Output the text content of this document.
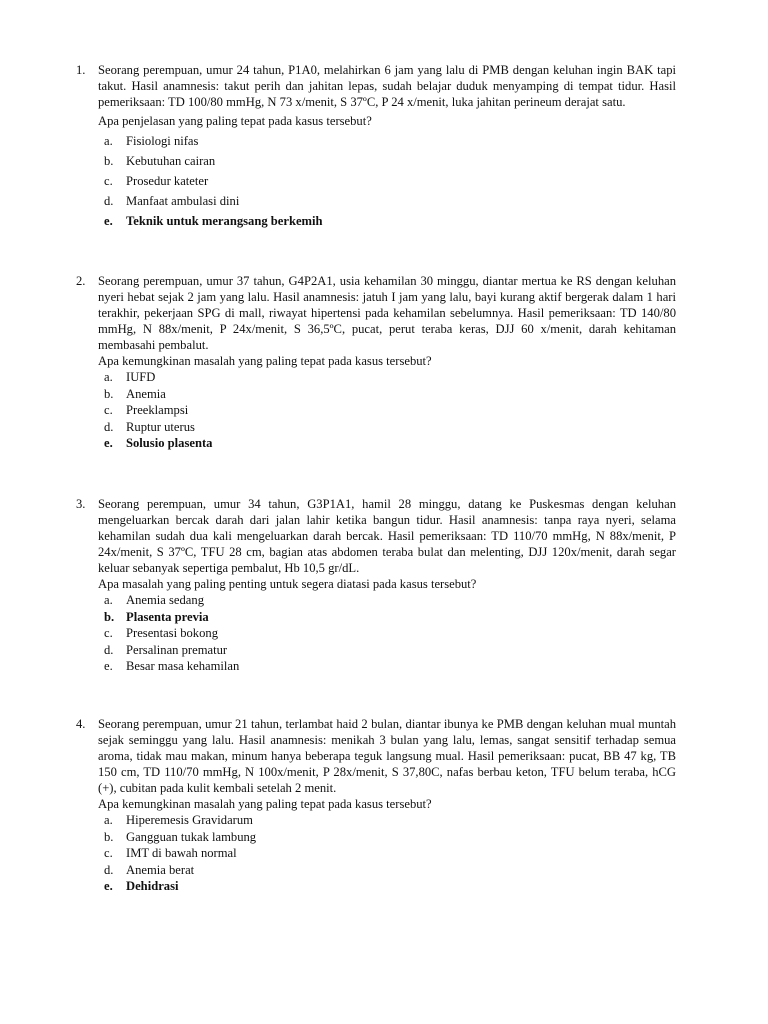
1. Seorang perempuan, umur 24 tahun, P1A0, melahirkan 6 jam yang lalu di PMB dengan keluhan ingin BAK tapi takut. Hasil anamnesis: takut perih dan jahitan lepas, sudah belajar duduk menyamping di tempat tidur. Hasil pemeriksaan: TD 100/80 mmHg, N 73 x/menit, S 37ºC, P 24 x/menit, luka jahitan perineum derajat satu.
Apa penjelasan yang paling tepat pada kasus tersebut?
a. Fisiologi nifas
b. Kebutuhan cairan
c. Prosedur kateter
d. Manfaat ambulasi dini
e. Teknik untuk merangsang berkemih
2. Seorang perempuan, umur 37 tahun, G4P2A1, usia kehamilan 30 minggu, diantar mertua ke RS dengan keluhan nyeri hebat sejak 2 jam yang lalu. Hasil anamnesis: jatuh I jam yang lalu, bayi kurang aktif bergerak dalam 1 hari terakhir, pekerjaan SPG di mall, riwayat hipertensi pada kehamilan sebelumnya. Hasil pemeriksaan: TD 140/80 mmHg, N 88x/menit, P 24x/menit, S 36,5ºC, pucat, perut teraba keras, DJJ 60 x/menit, darah kehitaman membasahi pembalut.
Apa kemungkinan masalah yang paling tepat pada kasus tersebut?
a. IUFD
b. Anemia
c. Preeklampsi
d. Ruptur uterus
e. Solusio plasenta
3. Seorang perempuan, umur 34 tahun, G3P1A1, hamil 28 minggu, datang ke Puskesmas dengan keluhan mengeluarkan bercak darah dari jalan lahir ketika bangun tidur. Hasil anamnesis: tanpa raya nyeri, selama kehamilan sudah dua kali mengeluarkan darah bercak. Hasil pemeriksaan: TD 110/70 mmHg, N 88x/menit, P 24x/menit, S 37ºC, TFU 28 cm, bagian atas abdomen teraba bulat dan melenting, DJJ 120x/menit, darah segar keluar sebanyak sepertiga pembalut, Hb 10,5 gr/dL.
Apa masalah yang paling penting untuk segera diatasi pada kasus tersebut?
a. Anemia sedang
b. Plasenta previa
c. Presentasi bokong
d. Persalinan prematur
e. Besar masa kehamilan
4. Seorang perempuan, umur 21 tahun, terlambat haid 2 bulan, diantar ibunya ke PMB dengan keluhan mual muntah sejak seminggu yang lalu. Hasil anamnesis: menikah 3 bulan yang lalu, lemas, sangat sensitif terhadap semua aroma, tidak mau makan, minum hanya beberapa teguk langsung mual. Hasil pemeriksaan: pucat, BB 47 kg, TB 150 cm, TD 110/70 mmHg, N 100x/menit, P 28x/menit, S 37,80C, nafas berbau keton, TFU belum teraba, hCG (+), cubitan pada kulit kembali setelah 2 menit.
Apa kemungkinan masalah yang paling tepat pada kasus tersebut?
a. Hiperemesis Gravidarum
b. Gangguan tukak lambung
c. IMT di bawah normal
d. Anemia berat
e. Dehidrasi
